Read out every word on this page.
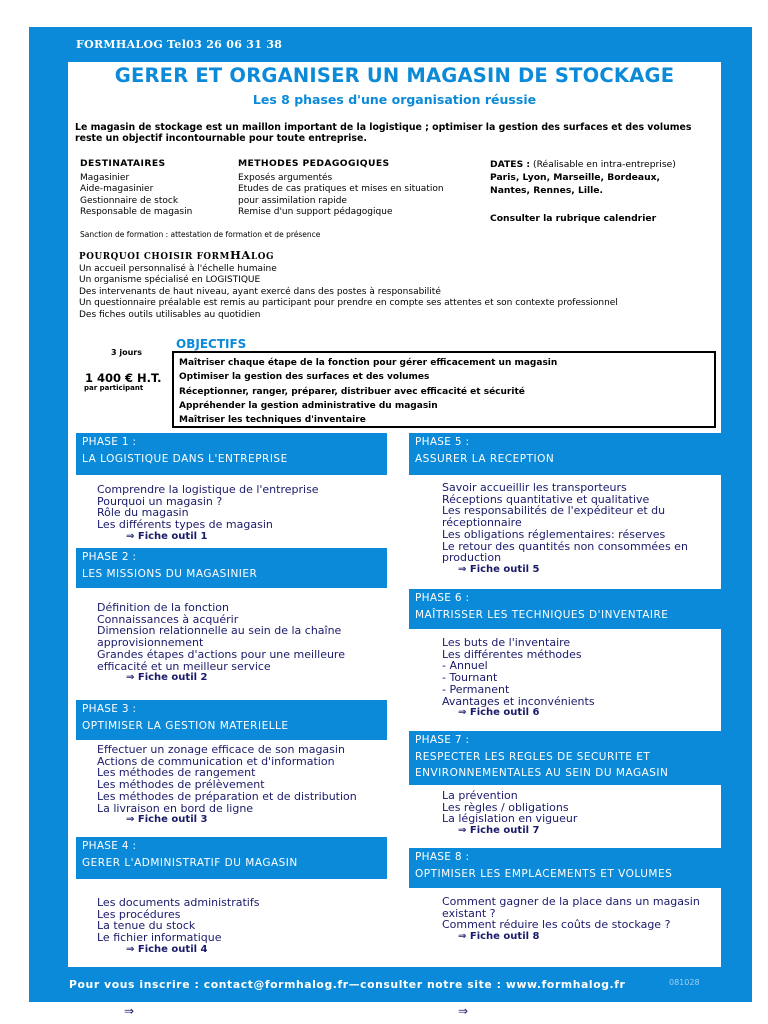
FORMHALOG Tel03 26 06 31 38
GERER ET ORGANISER UN MAGASIN DE STOCKAGE
Les 8 phases d'une organisation réussie
Le magasin de stockage est un maillon important de la logistique ; optimiser la gestion des surfaces et des volumes reste un objectif incontournable pour toute entreprise.
DESTINATAIRES
Magasinier
Aide-magasinier
Gestionnaire de stock
Responsable de magasin
METHODES PEDAGOGIQUES
Exposés argumentés
Etudes de cas pratiques et mises en situation
pour assimilation rapide
Remise d'un support pédagogique
DATES : (Réalisable en intra-entreprise)
Paris, Lyon, Marseille, Bordeaux,
Nantes, Rennes, Lille.
Consulter la rubrique calendrier
Sanction de formation : attestation de formation et de présence
POURQUOI CHOISIR FORMHALOG
Un accueil personnalisé à l'échelle humaine
Un organisme spécialisé en LOGISTIQUE
Des intervenants de haut niveau, ayant exercé dans des postes à responsabilité
Un questionnaire préalable est remis au participant pour prendre en compte ses attentes et son contexte professionnel
Des fiches outils utilisables au quotidien
OBJECTIFS
3 jours
1 400 € H.T.
par participant
Maîtriser chaque étape de la fonction pour gérer efficacement un magasin
Optimiser la gestion des surfaces et des volumes
Réceptionner, ranger, préparer, distribuer avec efficacité et sécurité
Appréhender la gestion administrative du magasin
Maîtriser les techniques d'inventaire
PHASE 1 :
LA LOGISTIQUE DANS L'ENTREPRISE
Comprendre la logistique de l'entreprise
Pourquoi un magasin ?
Rôle du magasin
Les différents types de magasin
⇒ Fiche outil 1
PHASE 2 :
LES MISSIONS DU MAGASINIER
Définition de la fonction
Connaissances à acquérir
Dimension relationnelle au sein de la chaîne
approvisionnement
Grandes étapes d'actions pour une meilleure
efficacité et un meilleur service
⇒ Fiche outil 2
PHASE 3 :
OPTIMISER LA GESTION MATERIELLE
Effectuer un zonage efficace de son magasin
Actions de communication et d'information
Les méthodes de rangement
Les méthodes de prélèvement
Les méthodes de préparation et de distribution
La livraison en bord de ligne
⇒ Fiche outil 3
PHASE 4 :
GERER L'ADMINISTRATIF DU MAGASIN
Les documents administratifs
Les procédures
La tenue du stock
Le fichier informatique
⇒ Fiche outil 4
PHASE 5 :
ASSURER LA RECEPTION
Savoir accueillir les transporteurs
Réceptions quantitative et qualitative
Les responsabilités de l'expéditeur et du
réceptionnaire
Les obligations réglementaires: réserves
Le retour des quantités non consommées en
production
⇒ Fiche outil 5
PHASE 6 :
MAÎTRISSER LES TECHNIQUES D'INVENTAIRE
Les buts de l'inventaire
Les différentes méthodes
- Annuel
- Tournant
- Permanent
Avantages et inconvénients
⇒ Fiche outil 6
PHASE 7 :
RESPECTER LES REGLES DE SECURITE ET
ENVIRONNEMENTALES AU SEIN DU MAGASIN
La prévention
Les règles / obligations
La législation en vigueur
⇒ Fiche outil 7
PHASE 8 :
OPTIMISER LES EMPLACEMENTS ET VOLUMES
Comment gagner de la place dans un magasin
existant ?
Comment réduire les coûts de stockage ?
⇒ Fiche outil 8
Pour vous inscrire : contact@formhalog.fr—consulter notre site : www.formhalog.fr	081028
⇒	⇒
